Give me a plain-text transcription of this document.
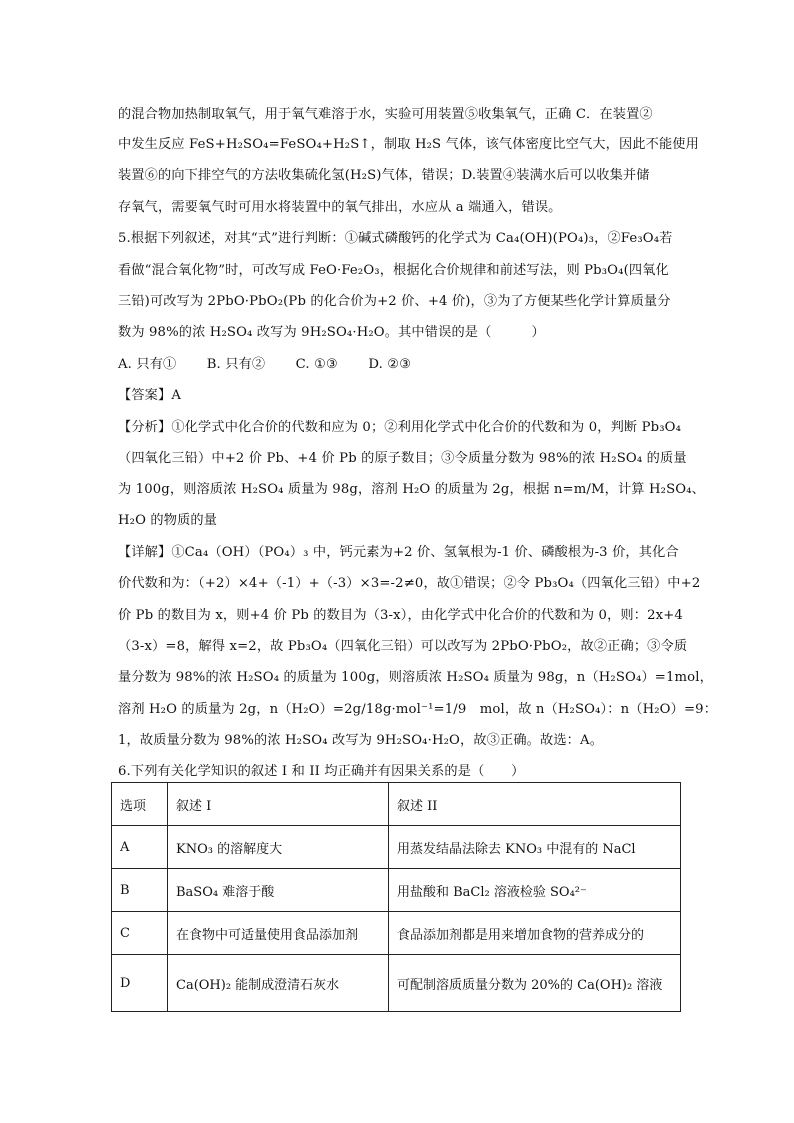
的混合物加热制取氧气，用于氧气难溶于水，实验可用装置⑤收集氧气，正确 C．在装置②
中发生反应 FeS+H₂SO₄=FeSO₄+H₂S↑，制取 H₂S 气体，该气体密度比空气大，因此不能使用
装置⑥的向下排空气的方法收集硫化氢(H₂S)气体，错误；D.装置④装满水后可以收集并储
存氧气，需要氧气时可用水将装置中的氧气排出，水应从 a 端通入，错误。
5.根据下列叙述，对其“式”进行判断：①碱式磷酸钙的化学式为 Ca₄(OH)(PO₄)₃，②Fe₃O₄若
看做“混合氧化物”时，可改写成 FeO·Fe₂O₃，根据化合价规律和前述写法，则 Pb₃O₄(四氧化
三铅)可改写为 2PbO·PbO₂(Pb 的化合价为+2 价、+4 价)，③为了方便某些化学计算质量分
数为 98%的浓 H₂SO₄ 改写为 9H₂SO₄·H₂O。其中错误的是（　　　）
A. 只有① B. 只有② C. ①③ D. ②③
【答案】A
【分析】①化学式中化合价的代数和应为 0；②利用化学式中化合价的代数和为 0，判断 Pb₃O₄
（四氧化三铅）中+2 价 Pb、+4 价 Pb 的原子数目；③令质量分数为 98%的浓 H₂SO₄ 的质量
为 100g，则溶质浓 H₂SO₄ 质量为 98g，溶剂 H₂O 的质量为 2g，根据 n=m/M，计算 H₂SO₄、
H₂O 的物质的量
【详解】①Ca₄（OH）（PO₄）₃ 中，钙元素为+2 价、氢氧根为-1 价、磷酸根为-3 价，其化合
价代数和为：（+2）×4+（-1）+（-3）×3=-2≠0，故①错误；②令 Pb₃O₄（四氧化三铅）中+2
价 Pb 的数目为 x，则+4 价 Pb 的数目为（3-x），由化学式中化合价的代数和为 0，则：2x+4
（3-x）=8，解得 x=2，故 Pb₃O₄（四氧化三铅）可以改写为 2PbO·PbO₂，故②正确；③令质
量分数为 98%的浓 H₂SO₄ 的质量为 100g，则溶质浓 H₂SO₄ 质量为 98g，n（H₂SO₄）=1mol，
溶剂 H₂O 的质量为 2g，n（H₂O）=2g/18g·mol⁻¹=1/9　mol，故 n（H₂SO₄）：n（H₂O）=9：
1，故质量分数为 98%的浓 H₂SO₄ 改写为 9H₂SO₄·H₂O，故③正确。故选：A。
6.下列有关化学知识的叙述 I 和 II 均正确并有因果关系的是（　　）
选项	叙述 I	叙述 II
A	KNO₃ 的溶解度大	用蒸发结晶法除去 KNO₃ 中混有的 NaCl
B	BaSO₄ 难溶于酸	用盐酸和 BaCl₂ 溶液检验 SO₄²⁻
C	在食物中可适量使用食品添加剂	食品添加剂都是用来增加食物的营养成分的
D	Ca(OH)₂ 能制成澄清石灰水	可配制溶质质量分数为 20%的 Ca(OH)₂ 溶液
